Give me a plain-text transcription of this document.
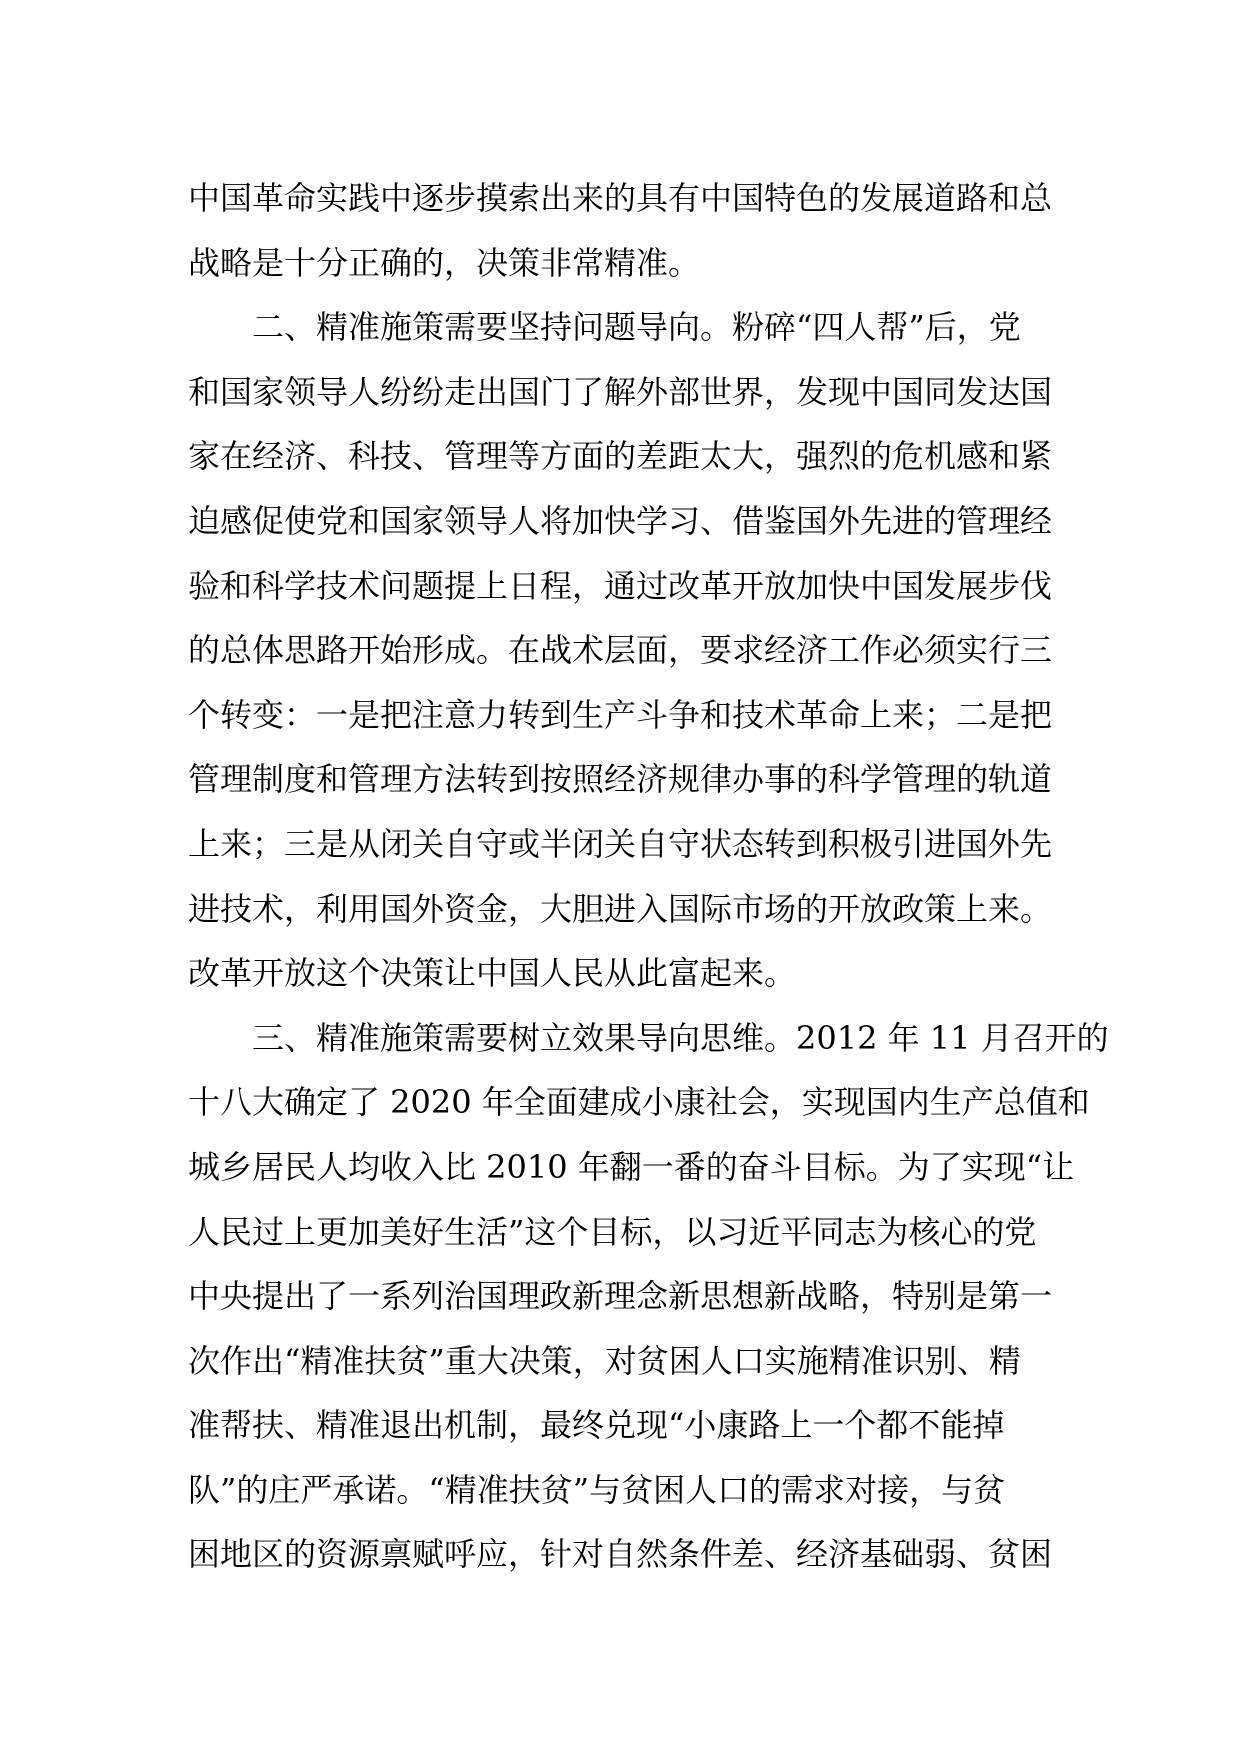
中国革命实践中逐步摸索出来的具有中国特色的发展道路和总
战略是十分正确的，决策非常精准。
二、精准施策需要坚持问题导向。粉碎“四人帮”后，党
和国家领导人纷纷走出国门了解外部世界，发现中国同发达国
家在经济、科技、管理等方面的差距太大，强烈的危机感和紧
迫感促使党和国家领导人将加快学习、借鉴国外先进的管理经
验和科学技术问题提上日程，通过改革开放加快中国发展步伐
的总体思路开始形成。在战术层面，要求经济工作必须实行三
个转变：一是把注意力转到生产斗争和技术革命上来；二是把
管理制度和管理方法转到按照经济规律办事的科学管理的轨道
上来；三是从闭关自守或半闭关自守状态转到积极引进国外先
进技术，利用国外资金，大胆进入国际市场的开放政策上来。
改革开放这个决策让中国人民从此富起来。
三、精准施策需要树立效果导向思维。2012 年 11 月召开的
十八大确定了 2020 年全面建成小康社会，实现国内生产总值和
城乡居民人均收入比 2010 年翻一番的奋斗目标。为了实现“让
人民过上更加美好生活”这个目标，以习近平同志为核心的党
中央提出了一系列治国理政新理念新思想新战略，特别是第一
次作出“精准扶贫”重大决策，对贫困人口实施精准识别、精
准帮扶、精准退出机制，最终兑现“小康路上一个都不能掉
队”的庄严承诺。“精准扶贫”与贫困人口的需求对接，与贫
困地区的资源禀赋呼应，针对自然条件差、经济基础弱、贫困
